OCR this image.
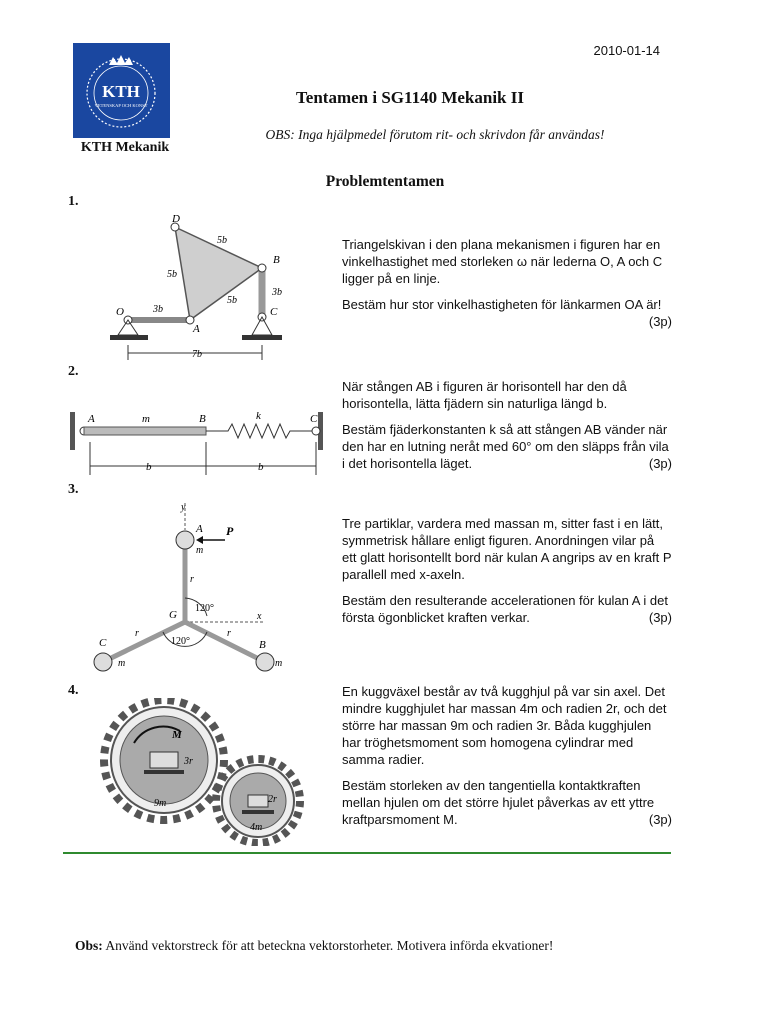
KTH
VETENSKAP OCH KONST
KTH Mekanik
2010-01-14
Tentamen i SG1140 Mekanik II
OBS: Inga hjälpmedel förutom rit- och skrivdon får användas!
Problemtentamen
1.
2.
3.
4.

Triangelskivan i den plana mekanismen i figuren har en vinkelhastighet med storleken ω när lederna O, A och C ligger på en linje.

Bestäm hur stor vinkelhastigheten för länkarmen OA är!
(3p)

När stången AB i figuren är horisontell har den då horisontella, lätta fjädern sin naturliga längd b.

Bestäm fjäderkonstanten k så att stången AB vänder när den har en lutning neråt med 60° om den släpps från vila i det horisontella läget.	(3p)

Tre partiklar, vardera med massan m, sitter fast i en lätt, symmetrisk hållare enligt figuren. Anordningen vilar på ett glatt horisontellt bord när kulan A angrips av en kraft P parallell med x-axeln.

Bestäm den resulterande accelerationen för kulan A i det första ögonblicket kraften verkar.	(3p)

En kuggväxel består av två kugghjul på var sin axel. Det mindre kugghjulet har massan 4m och radien 2r, och det större har massan 9m och radien 3r. Båda kugghjulen har tröghetsmoment som homogena cylindrar med samma radier.

Bestäm storleken av den tangentiella kontaktkraften mellan hjulen om det större hjulet påverkas av ett yttre kraftparsmoment M.	(3p)

D
B
O
A
C
5b
5b
5b
3b
3b
7b
A	m	B	k	C
b	b
y
A P
m
r
G
120°
x
C
r
120°
r
B
m	m
M
3r
9m	2r
4m
Obs: Använd vektorstreck för att beteckna vektorstorheter. Motivera införda ekvationer!
